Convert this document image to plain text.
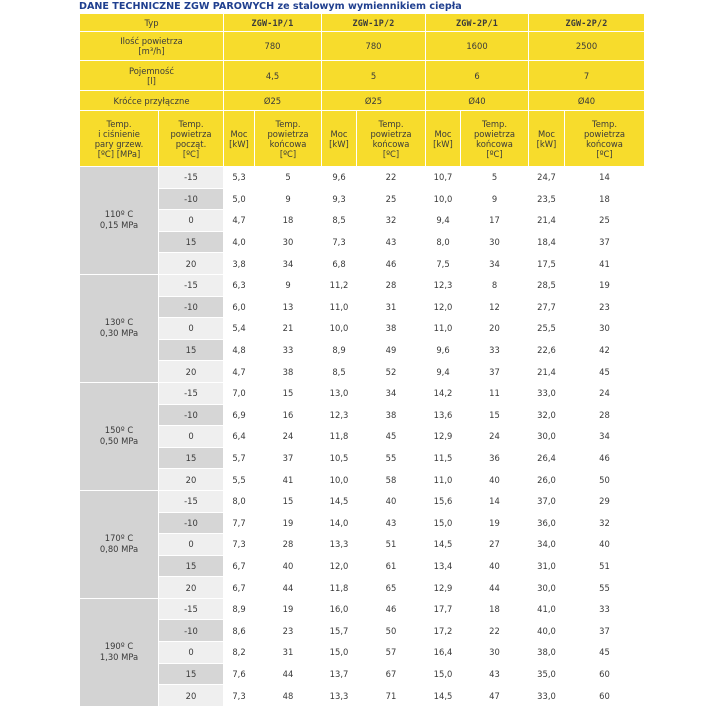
DANE TECHNICZNE ZGW PAROWYCH ze stalowym wymiennikiem ciepła
Typ		ZGW-1P/1		ZGW-1P/2		ZGW-2P/1		ZGW-2P/2	
Ilość powietrza
[m³/h]		780		780		1600		2500	
Pojemność
[l]		4,5		5		6		7	
Króćce przyłączne		Ø25		Ø25		Ø40		Ø40	
Temp.
i ciśnienie
pary grzew.
[ºC] [MPa]	Temp.
powietrza
począt.
[ºC]	Moc
[kW]	Temp.
powietrza
końcowa
[ºC]	Moc
[kW]	Temp.
powietrza
końcowa
[ºC]	Moc
[kW]	Temp.
powietrza
końcowa
[ºC]	Moc
[kW]	Temp.
powietrza
końcowa
[ºC]
110º C
0,15 MPa	-15	5,3	5	9,6	22	10,7	5	24,7	14
	-10	5,0	9	9,3	25	10,0	9	23,5	18
	0	4,7	18	8,5	32	9,4	17	21,4	25
	15	4,0	30	7,3	43	8,0	30	18,4	37
	20	3,8	34	6,8	46	7,5	34	17,5	41
130º C
0,30 MPa	-15	6,3	9	11,2	28	12,3	8	28,5	19
	-10	6,0	13	11,0	31	12,0	12	27,7	23
	0	5,4	21	10,0	38	11,0	20	25,5	30
	15	4,8	33	8,9	49	9,6	33	22,6	42
	20	4,7	38	8,5	52	9,4	37	21,4	45
150º C
0,50 MPa	-15	7,0	15	13,0	34	14,2	11	33,0	24
	-10	6,9	16	12,3	38	13,6	15	32,0	28
	0	6,4	24	11,8	45	12,9	24	30,0	34
	15	5,7	37	10,5	55	11,5	36	26,4	46
	20	5,5	41	10,0	58	11,0	40	26,0	50
170º C
0,80 MPa	-15	8,0	15	14,5	40	15,6	14	37,0	29
	-10	7,7	19	14,0	43	15,0	19	36,0	32
	0	7,3	28	13,3	51	14,5	27	34,0	40
	15	6,7	40	12,0	61	13,4	40	31,0	51
	20	6,7	44	11,8	65	12,9	44	30,0	55
190º C
1,30 MPa	-15	8,9	19	16,0	46	17,7	18	41,0	33
	-10	8,6	23	15,7	50	17,2	22	40,0	37
	0	8,2	31	15,0	57	16,4	30	38,0	45
	15	7,6	44	13,7	67	15,0	43	35,0	60
	20	7,3	48	13,3	71	14,5	47	33,0	60
